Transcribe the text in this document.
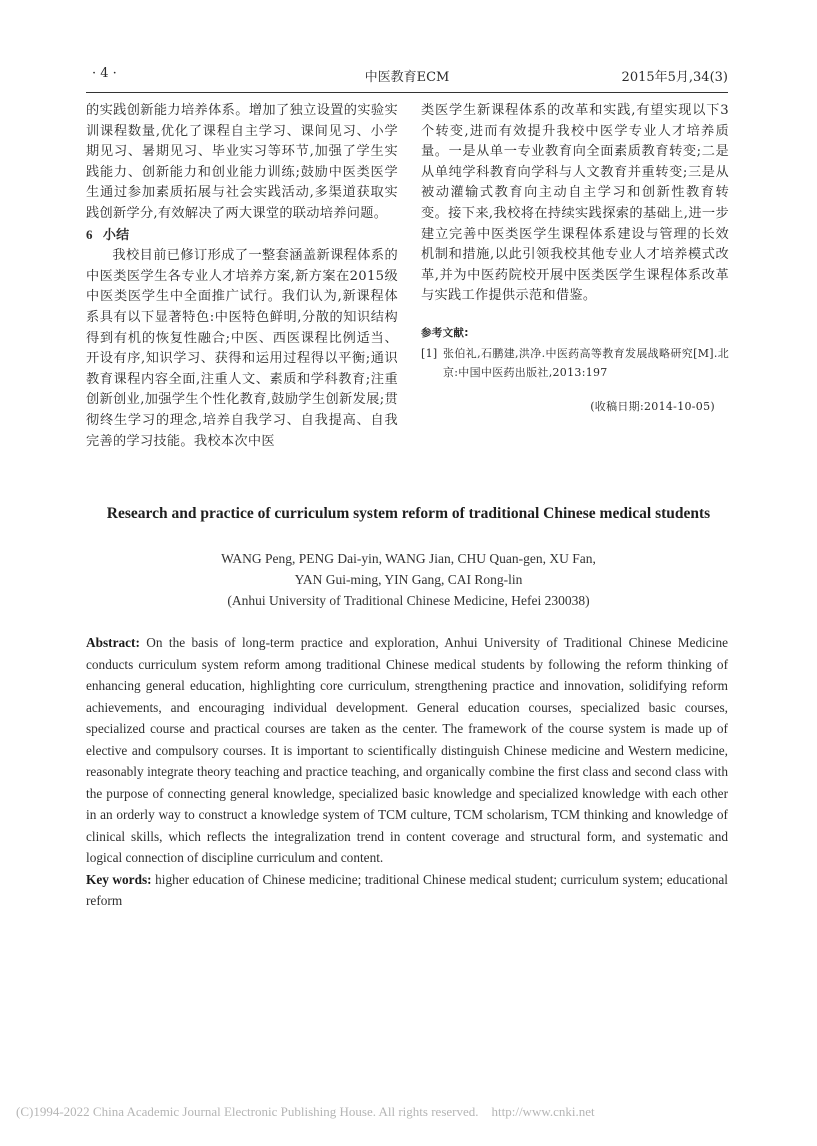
· 4 ·	中医教育ECM	2015年5月,34(3)

的实践创新能力培养体系。增加了独立设置的实验实训课程数量,优化了课程自主学习、课间见习、小学期见习、暑期见习、毕业实习等环节,加强了学生实践能力、创新能力和创业能力训练;鼓励中医类医学生通过参加素质拓展与社会实践活动,多渠道获取实践创新学分,有效解决了两大课堂的联动培养问题。

6 小结

我校目前已修订形成了一整套涵盖新课程体系的中医类医学生各专业人才培养方案,新方案在2015级中医类医学生中全面推广试行。我们认为,新课程体系具有以下显著特色:中医特色鲜明,分散的知识结构得到有机的恢复性融合;中医、西医课程比例适当、开设有序,知识学习、获得和运用过程得以平衡;通识教育课程内容全面,注重人文、素质和学科教育;注重创新创业,加强学生个性化教育,鼓励学生创新发展;贯彻终生学习的理念,培养自我学习、自我提高、自我完善的学习技能。我校本次中医

类医学生新课程体系的改革和实践,有望实现以下3个转变,进而有效提升我校中医学专业人才培养质量。一是从单一专业教育向全面素质教育转变;二是从单纯学科教育向学科与人文教育并重转变;三是从被动灌输式教育向主动自主学习和创新性教育转变。接下来,我校将在持续实践探索的基础上,进一步建立完善中医类医学生课程体系建设与管理的长效机制和措施,以此引领我校其他专业人才培养模式改革,并为中医药院校开展中医类医学生课程体系改革与实践工作提供示范和借鉴。

参考文献:

[1] 张伯礼,石鹏建,洪净.中医药高等教育发展战略研究[M].北京:中国中医药出版社,2013:197

(收稿日期:2014-10-05)

Research and practice of curriculum system reform of traditional Chinese medical students
WANG Peng, PENG Dai-yin, WANG Jian, CHU Quan-gen, XU Fan,
YAN Gui-ming, YIN Gang, CAI Rong-lin
(Anhui University of Traditional Chinese Medicine, Hefei 230038)

Abstract: On the basis of long-term practice and exploration, Anhui University of Traditional Chinese Medicine conducts curriculum system reform among traditional Chinese medical students by following the reform thinking of enhancing general education, highlighting core curriculum, strengthening practice and innovation, solidifying reform achievements, and encouraging individual development. General education courses, specialized basic courses, specialized course and practical courses are taken as the center. The framework of the course system is made up of elective and compulsory courses. It is important to scientifically distinguish Chinese medicine and Western medicine, reasonably integrate theory teaching and practice teaching, and organically combine the first class and second class with the purpose of connecting general knowledge, specialized basic knowledge and specialized knowledge with each other in an orderly way to construct a knowledge system of TCM culture, TCM scholarism, TCM thinking and knowledge of clinical skills, which reflects the integralization trend in content coverage and structural form, and systematic and logical connection of discipline curriculum and content.

Key words: higher education of Chinese medicine; traditional Chinese medical student; curriculum system; educational reform

(C)1994-2022 China Academic Journal Electronic Publishing House. All rights reserved.    http://www.cnki.net
